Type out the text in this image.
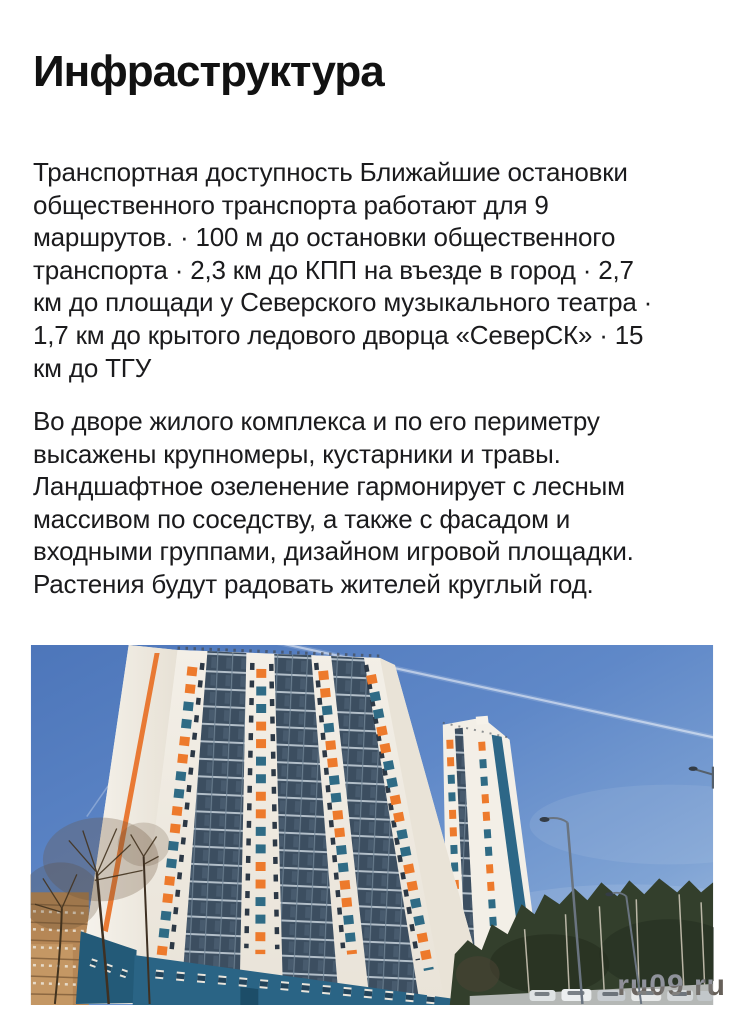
Инфраструктура
Транспортная доступность Ближайшие остановки
общественного транспорта работают для 9
маршрутов. · 100 м до остановки общественного
транспорта · 2,3 км до КПП на въезде в город · 2,7
км до площади у Северского музыкального театра ·
1,7 км до крытого ледового дворца «СеверСК» · 15
км до ТГУ
Во дворе жилого комплекса и по его периметру
высажены крупномеры, кустарники и травы.
Ландшафтное озеленение гармонирует с лесным
массивом по соседству, а также с фасадом и
входными группами, дизайном игровой площадки.
Растения будут радовать жителей круглый год.
ru09.ru
